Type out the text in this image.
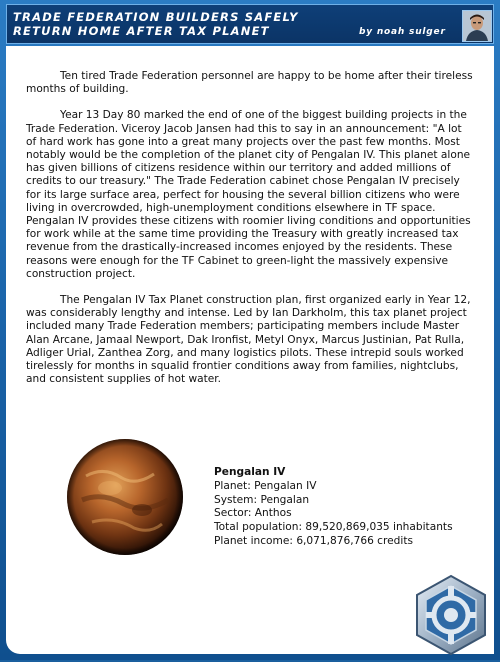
TRADE FEDERATION BUILDERS SAFELY
RETURN HOME AFTER TAX PLANET	by noah sulger

Ten tired Trade Federation personnel are happy to be home after their tireless months of building.

Year 13 Day 80 marked the end of one of the biggest building projects in the Trade Federation. Viceroy Jacob Jansen had this to say in an announcement: "A lot of hard work has gone into a great many projects over the past few months. Most notably would be the completion of the planet city of Pengalan IV. This planet alone has given billions of citizens residence within our territory and added millions of credits to our treasury." The Trade Federation cabinet chose Pengalan IV precisely for its large surface area, perfect for housing the several billion citizens who were living in overcrowded, high-unemployment conditions elsewhere in TF space. Pengalan IV provides these citizens with roomier living conditions and opportunities for work while at the same time providing the Treasury with greatly increased tax revenue from the drastically-increased incomes enjoyed by the residents. These reasons were enough for the TF Cabinet to green-light the massively expensive construction project.

The Pengalan IV Tax Planet construction plan, first organized early in Year 12, was considerably lengthy and intense. Led by Ian Darkholm, this tax planet project included many Trade Federation members; participating members include Master Alan Arcane, Jamaal Newport, Dak Ironfist, Metyl Onyx, Marcus Justinian, Pat Rulla, Adliger Urial, Zanthea Zorg, and many logistics pilots. These intrepid souls worked tirelessly for months in squalid frontier conditions away from families, nightclubs, and consistent supplies of hot water.

Pengalan IV
Planet: Pengalan IV
System: Pengalan
Sector: Anthos
Total population: 89,520,869,035 inhabitants
Planet income: 6,071,876,766 credits
